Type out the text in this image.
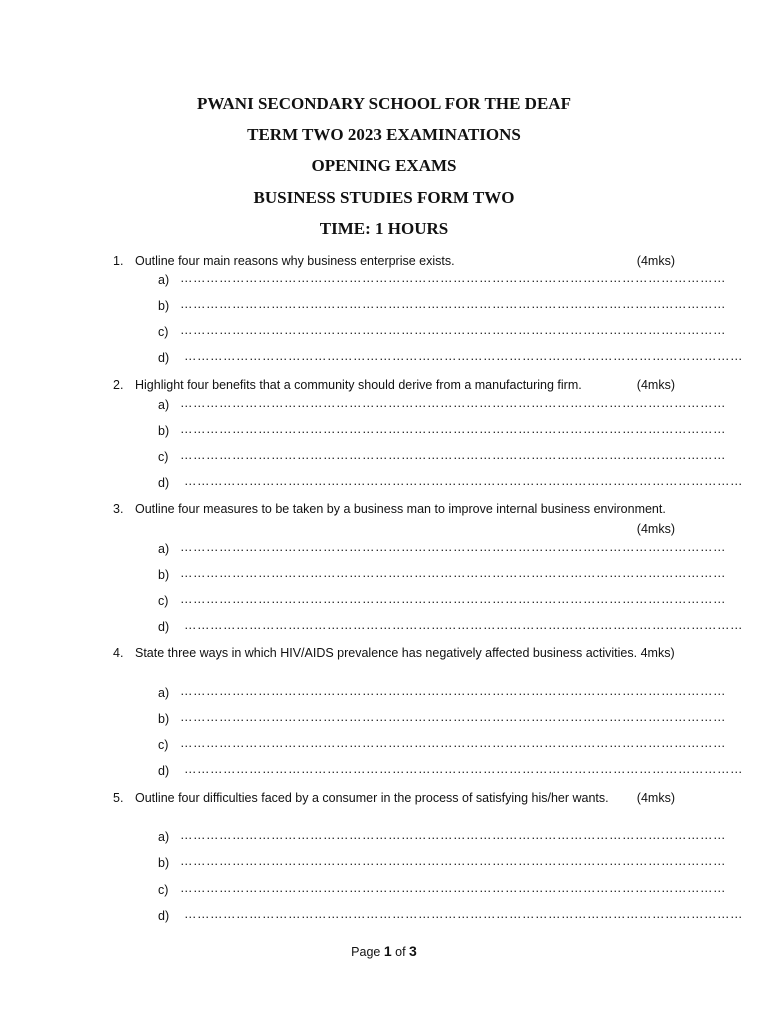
PWANI SECONDARY SCHOOL FOR THE DEAF
TERM TWO 2023 EXAMINATIONS
OPENING EXAMS
BUSINESS STUDIES FORM TWO
TIME: 1 HOURS
1. Outline four main reasons why business enterprise exists.	(4mks)
a) ………………………………………………………………………………………………………………
b) ………………………………………………………………………………………………………………
c) ………………………………………………………………………………………………………………
d) …………………………………………………………………………………………………………………
2. Highlight four benefits that a community should derive from a manufacturing firm.	(4mks)
a) ………………………………………………………………………………………………………………
b) ………………………………………………………………………………………………………………
c) ………………………………………………………………………………………………………………
d) …………………………………………………………………………………………………………………
3. Outline four measures to be taken by a business man to improve internal business environment.
(4mks)
a) ………………………………………………………………………………………………………………
b) ………………………………………………………………………………………………………………
c) ………………………………………………………………………………………………………………
d) …………………………………………………………………………………………………………………
4. State three ways in which HIV/AIDS prevalence has negatively affected business activities. 4mks)
a) ………………………………………………………………………………………………………………
b) ………………………………………………………………………………………………………………
c) ………………………………………………………………………………………………………………
d) …………………………………………………………………………………………………………………
5. Outline four difficulties faced by a consumer in the process of satisfying his/her wants. (4mks)
a) ………………………………………………………………………………………………………………
b) ………………………………………………………………………………………………………………
c) ………………………………………………………………………………………………………………
d) …………………………………………………………………………………………………………………
Page 1 of 3
